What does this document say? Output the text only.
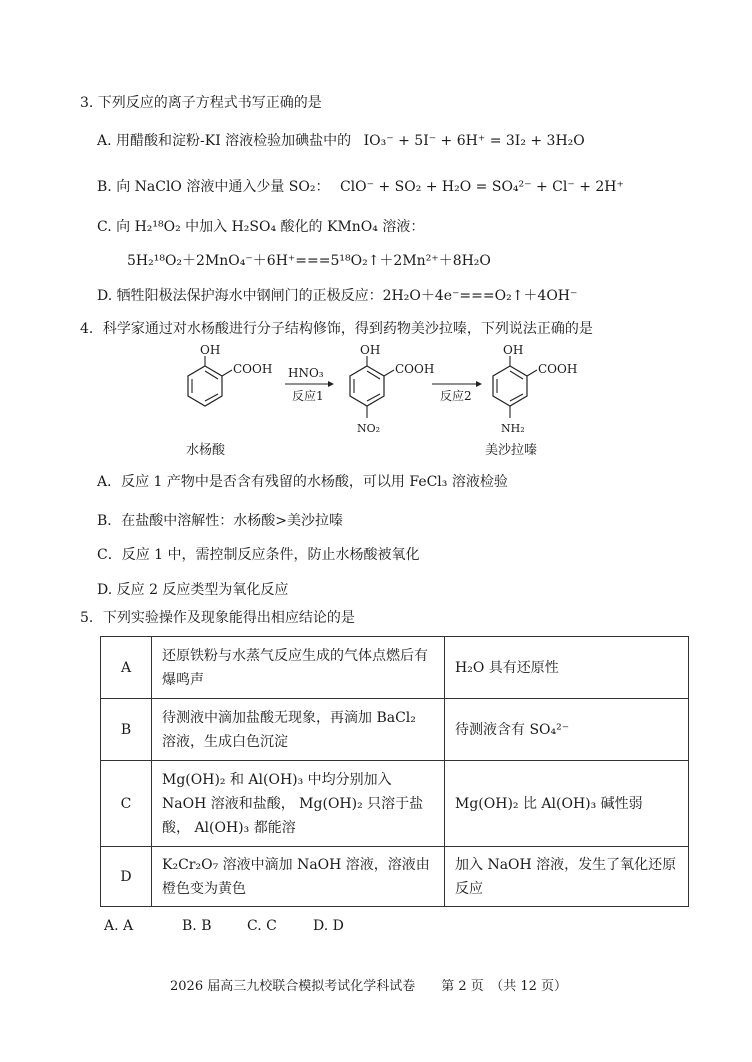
3. 下列反应的离子方程式书写正确的是
A. 用醋酸和淀粉-KI 溶液检验加碘盐中的 IO₃⁻ + 5I⁻ + 6H⁺ = 3I₂ + 3H₂O
B. 向 NaClO 溶液中通入少量 SO₂： ClO⁻ + SO₂ + H₂O = SO₄²⁻ + Cl⁻ + 2H⁺
C. 向 H₂¹⁸O₂ 中加入 H₂SO₄ 酸化的 KMnO₄ 溶液：
5H₂¹⁸O₂＋2MnO₄⁻＋6H⁺===5¹⁸O₂↑＋2Mn²⁺＋8H₂O
D. 牺牲阳极法保护海水中钢闸门的正极反应：2H₂O＋4e⁻===O₂↑＋4OH⁻
4．科学家通过对水杨酸进行分子结构修饰，得到药物美沙拉嗪，下列说法正确的是
OH
COOH HNO₃
反应1
OH
COOH
NO₂
反应2
OH
COOH
NH₂
水杨酸	美沙拉嗪
A．反应 1 产物中是否含有残留的水杨酸，可以用 FeCl₃ 溶液检验
B．在盐酸中溶解性：水杨酸>美沙拉嗪
C．反应 1 中，需控制反应条件，防止水杨酸被氧化
D. 反应 2 反应类型为氧化反应
5．下列实验操作及现象能得出相应结论的是
A	还原铁粉与水蒸气反应生成的气体点燃后有爆鸣声	H₂O 具有还原性
B	待测液中滴加盐酸无现象，再滴加 BaCl₂ 溶液，生成白色沉淀	待测液含有 SO₄²⁻
C	Mg(OH)₂ 和 Al(OH)₃ 中均分别加入 NaOH 溶液和盐酸， Mg(OH)₂ 只溶于盐酸， Al(OH)₃ 都能溶	Mg(OH)₂ 比 Al(OH)₃ 碱性弱
D	K₂Cr₂O₇ 溶液中滴加 NaOH 溶液，溶液由橙色变为黄色	加入 NaOH 溶液，发生了氧化还原反应
A. A	B. B	C. C	D. D
2026 届高三九校联合模拟考试化学科试卷　　第 2 页　（共 12 页）
